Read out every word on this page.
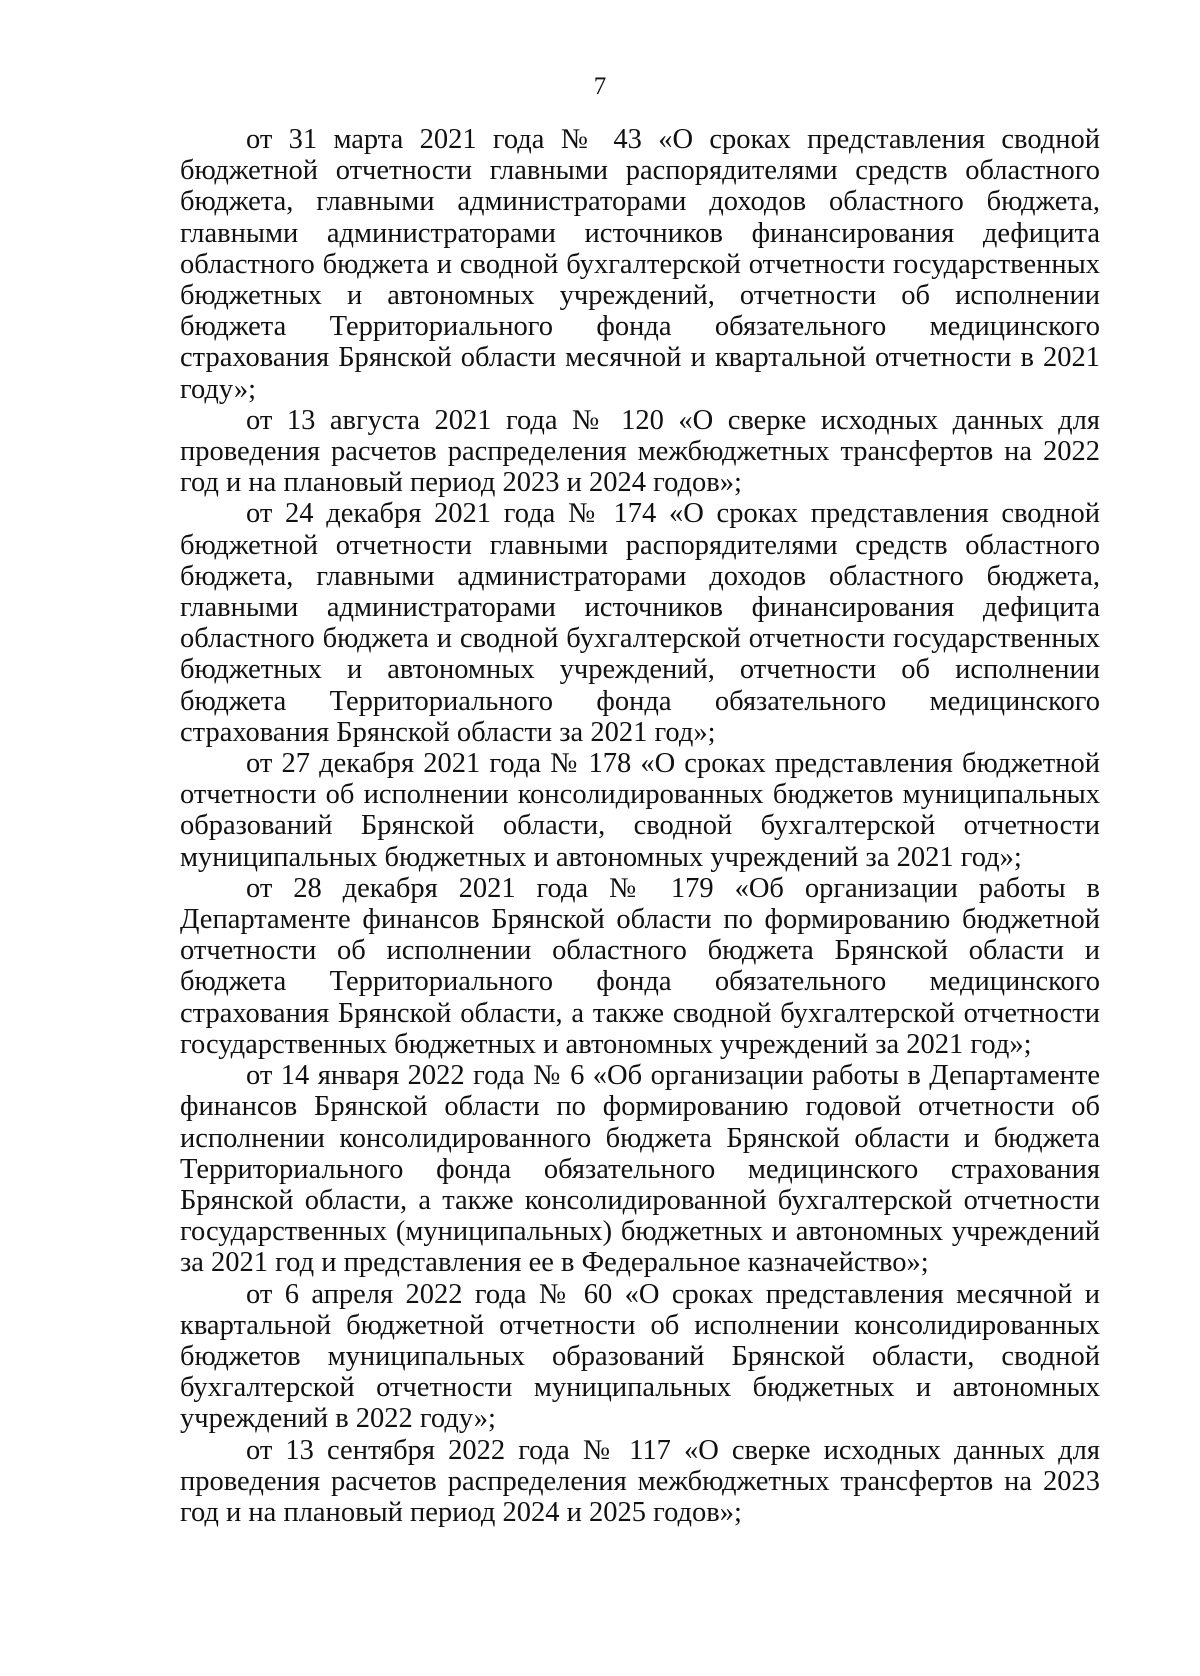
7

от 31 марта 2021 года № 43 «О сроках представления сводной бюджетной отчетности главными распорядителями средств областного бюджета, главными администраторами доходов областного бюджета, главными администраторами источников финансирования дефицита областного бюджета и сводной бухгалтерской отчетности государственных бюджетных и автономных учреждений, отчетности об исполнении бюджета Территориального фонда обязательного медицинского страхования Брянской области месячной и квартальной отчетности в 2021 году»;

от 13 августа 2021 года № 120 «О сверке исходных данных для проведения расчетов распределения межбюджетных трансфертов на 2022 год и на плановый период 2023 и 2024 годов»;

от 24 декабря 2021 года № 174 «О сроках представления сводной бюджетной отчетности главными распорядителями средств областного бюджета, главными администраторами доходов областного бюджета, главными администраторами источников финансирования дефицита областного бюджета и сводной бухгалтерской отчетности государственных бюджетных и автономных учреждений, отчетности об исполнении бюджета Территориального фонда обязательного медицинского страхования Брянской области за 2021 год»;

от 27 декабря 2021 года № 178 «О сроках представления бюджетной отчетности об исполнении консолидированных бюджетов муниципальных образований Брянской области, сводной бухгалтерской отчетности муниципальных бюджетных и автономных учреждений за 2021 год»;

от 28 декабря 2021 года № 179 «Об организации работы в Департаменте финансов Брянской области по формированию бюджетной отчетности об исполнении областного бюджета Брянской области и бюджета Территориального фонда обязательного медицинского страхования Брянской области, а также сводной бухгалтерской отчетности государственных бюджетных и автономных учреждений за 2021 год»;

от 14 января 2022 года № 6 «Об организации работы в Департаменте финансов Брянской области по формированию годовой отчетности об исполнении консолидированного бюджета Брянской области и бюджета Территориального фонда обязательного медицинского страхования Брянской области, а также консолидированной бухгалтерской отчетности государственных (муниципальных) бюджетных и автономных учреждений за 2021 год и представления ее в Федеральное казначейство»;

от 6 апреля 2022 года № 60 «О сроках представления месячной и квартальной бюджетной отчетности об исполнении консолидированных бюджетов муниципальных образований Брянской области, сводной бухгалтерской отчетности муниципальных бюджетных и автономных учреждений в 2022 году»;

от 13 сентября 2022 года № 117 «О сверке исходных данных для проведения расчетов распределения межбюджетных трансфертов на 2023 год и на плановый период 2024 и 2025 годов»;
